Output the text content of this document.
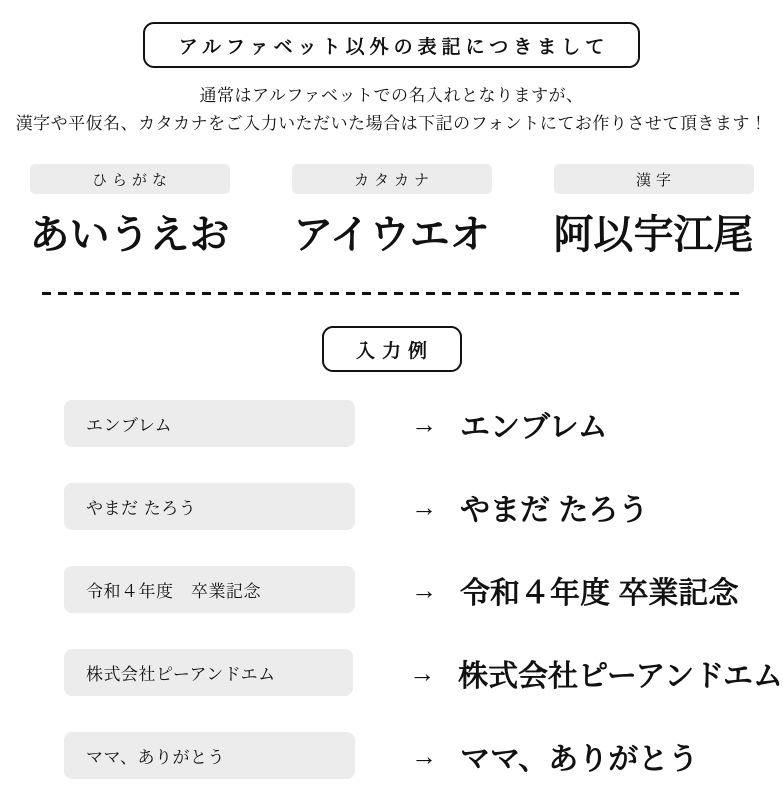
アルファベット以外の表記につきまして

通常はアルファベットでの名入れとなりますが、

漢字や平仮名、カタカナをご入力いただいた場合は下記のフォントにてお作りさせて頂きます！

ひらがな
あいうえお
カタカナ
アイウエオ
漢字
阿以宇江尾
入力例
エンブレム	→ エンブレム
やまだ たろう	→ やまだ たろう
令和４年度　卒業記念	→ 令和４年度 卒業記念
株式会社ピーアンドエム	→ 株式会社ピーアンドエム
ママ、ありがとう	→ ママ、ありがとう
